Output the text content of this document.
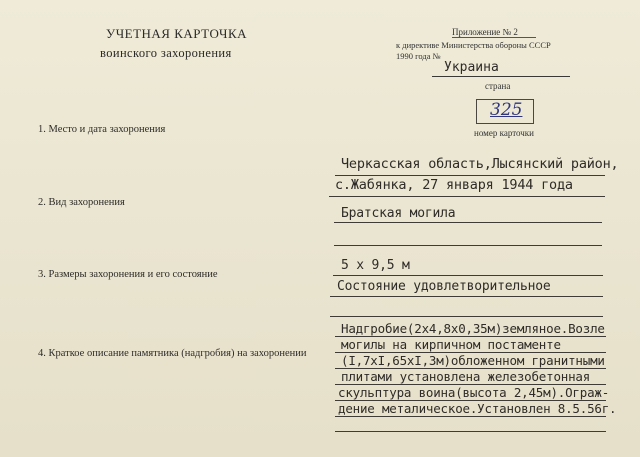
УЧЕТНАЯ КАРТОЧКА
воинского захоронения
Приложение № 2
к директиве Министерства обороны СССР
1990 года №
Украина
страна
325
номер карточки
1. Место и дата захоронения
2. Вид захоронения
3. Размеры захоронения и его состояние
4. Краткое описание памятника (надгробия) на захоронении
Черкасская область,Лысянский район,
с.Жабянка, 27 января 1944 года
Братская могила
5 х 9,5 м
Состояние удовлетворительное
Надгробие(2х4,8х0,35м)земляное.Возле
могилы на кирпичном постаменте
(I,7хI,65хI,3м)обложенном гранитными
плитами установлена железобетонная
скульптура воина(высота 2,45м).Ограж-
дение металическое.Установлен 8.5.56г.
